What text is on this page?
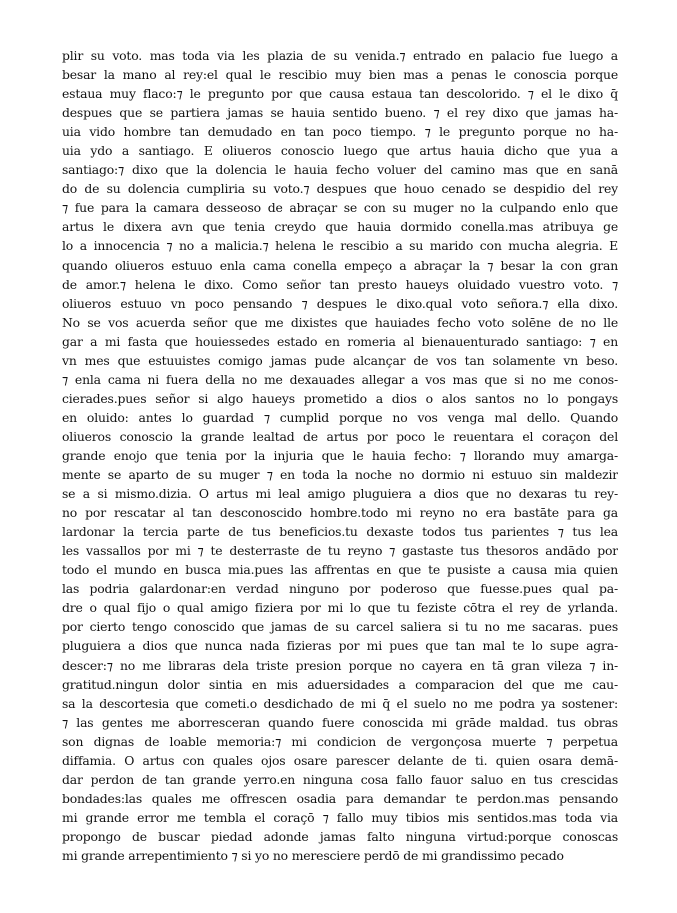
plir su voto. mas toda via les plazia de su venida.⁊ entrado en palacio fue luego a
besar la mano al rey:el qual le rescibio muy bien mas a penas le conoscia porque
estaua muy flaco:⁊ le pregunto por que causa estaua tan descolorido. ⁊ el le dixo q̄
despues que se partiera jamas se hauia sentido bueno. ⁊ el rey dixo que jamas ha-
uia vido hombre tan demudado en tan poco tiempo. ⁊ le pregunto porque no ha-
uia ydo a santiago. E oliueros conoscio luego que artus hauia dicho que yua a
santiago:⁊ dixo que la dolencia le hauia fecho voluer del camino mas que en sanā
do de su dolencia cumpliria su voto.⁊ despues que houo cenado se despidio del rey
⁊ fue para la camara desseoso de abraçar se con su muger no la culpando enlo que
artus le dixera avn que tenia creydo que hauia dormido conella.mas atribuya ge
lo a innocencia ⁊ no a malicia.⁊ helena le rescibio a su marido con mucha alegria. E
quando oliueros estuuo enla cama conella empeço a abraçar la ⁊ besar la con gran
de amor.⁊ helena le dixo. Como señor tan presto haueys oluidado vuestro voto. ⁊
oliueros estuuo vn poco pensando ⁊ despues le dixo.qual voto señora.⁊ ella dixo.
No se vos acuerda señor que me dixistes que hauiades fecho voto solēne de no lle
gar a mi fasta que houiessedes estado en romeria al bienauenturado santiago: ⁊ en
vn mes que estuuistes comigo jamas pude alcançar de vos tan solamente vn beso.
⁊ enla cama ni fuera della no me dexauades allegar a vos mas que si no me conos-
cierades.pues señor si algo haueys prometido a dios o alos santos no lo pongays
en oluido: antes lo guardad ⁊ cumplid porque no vos venga mal dello. Quando
oliueros conoscio la grande lealtad de artus por poco le reuentara el coraçon del
grande enojo que tenia por la injuria que le hauia fecho: ⁊ llorando muy amarga-
mente se aparto de su muger ⁊ en toda la noche no dormio ni estuuo sin maldezir
se a si mismo.dizia. O artus mi leal amigo pluguiera a dios que no dexaras tu rey-
no por rescatar al tan desconoscido hombre.todo mi reyno no era bastāte para ga
lardonar la tercia parte de tus beneficios.tu dexaste todos tus parientes ⁊ tus lea
les vassallos por mi ⁊ te desterraste de tu reyno ⁊ gastaste tus thesoros andādo por
todo el mundo en busca mia.pues las affrentas en que te pusiste a causa mia quien
las podria galardonar:en verdad ninguno por poderoso que fuesse.pues qual pa-
dre o qual fijo o qual amigo fiziera por mi lo que tu feziste cōtra el rey de yrlanda.
por cierto tengo conoscido que jamas de su carcel saliera si tu no me sacaras. pues
pluguiera a dios que nunca nada fizieras por mi pues que tan mal te lo supe agra-
descer:⁊ no me libraras dela triste presion porque no cayera en tā gran vileza ⁊ in-
gratitud.ningun dolor sintia en mis aduersidades a comparacion del que me cau-
sa la descortesia que cometi.o desdichado de mi q̄ el suelo no me podra ya sostener:
⁊ las gentes me aborresceran quando fuere conoscida mi grāde maldad. tus obras
son dignas de loable memoria:⁊ mi condicion de vergonçosa muerte ⁊ perpetua
diffamia. O artus con quales ojos osare parescer delante de ti. quien osara demā-
dar perdon de tan grande yerro.en ninguna cosa fallo fauor saluo en tus crescidas
bondades:las quales me offrescen osadia para demandar te perdon.mas pensando
mi grande error me tembla el coraçō ⁊ fallo muy tibios mis sentidos.mas toda via
propongo de buscar piedad adonde jamas falto ninguna virtud:porque conoscas
mi grande arrepentimiento ⁊ si yo no meresciere perdō de mi grandissimo pecado
